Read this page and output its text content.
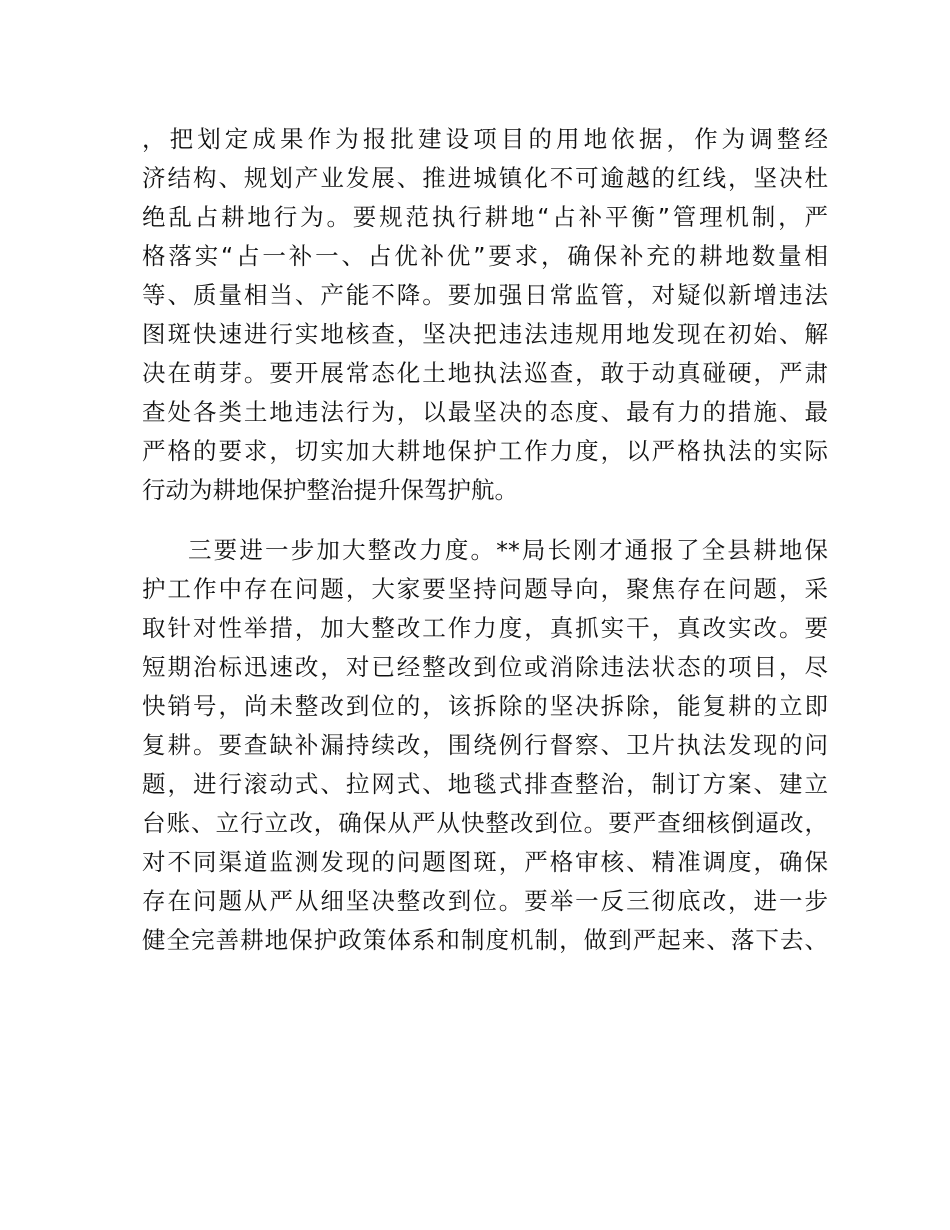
，把划定成果作为报批建设项目的用地依据，作为调整经
济结构、规划产业发展、推进城镇化不可逾越的红线，坚决杜
绝乱占耕地行为。要规范执行耕地“占补平衡”管理机制，严
格落实“占一补一、占优补优”要求，确保补充的耕地数量相
等、质量相当、产能不降。要加强日常监管，对疑似新增违法
图斑快速进行实地核查，坚决把违法违规用地发现在初始、解
决在萌芽。要开展常态化土地执法巡查，敢于动真碰硬，严肃
查处各类土地违法行为，以最坚决的态度、最有力的措施、最
严格的要求，切实加大耕地保护工作力度，以严格执法的实际
行动为耕地保护整治提升保驾护航。
三要进一步加大整改力度。**局长刚才通报了全县耕地保
护工作中存在问题，大家要坚持问题导向，聚焦存在问题，采
取针对性举措，加大整改工作力度，真抓实干，真改实改。要
短期治标迅速改，对已经整改到位或消除违法状态的项目，尽
快销号，尚未整改到位的，该拆除的坚决拆除，能复耕的立即
复耕。要查缺补漏持续改，围绕例行督察、卫片执法发现的问
题，进行滚动式、拉网式、地毯式排查整治，制订方案、建立
台账、立行立改，确保从严从快整改到位。要严查细核倒逼改，
对不同渠道监测发现的问题图斑，严格审核、精准调度，确保
存在问题从严从细坚决整改到位。要举一反三彻底改，进一步
健全完善耕地保护政策体系和制度机制，做到严起来、落下去、
